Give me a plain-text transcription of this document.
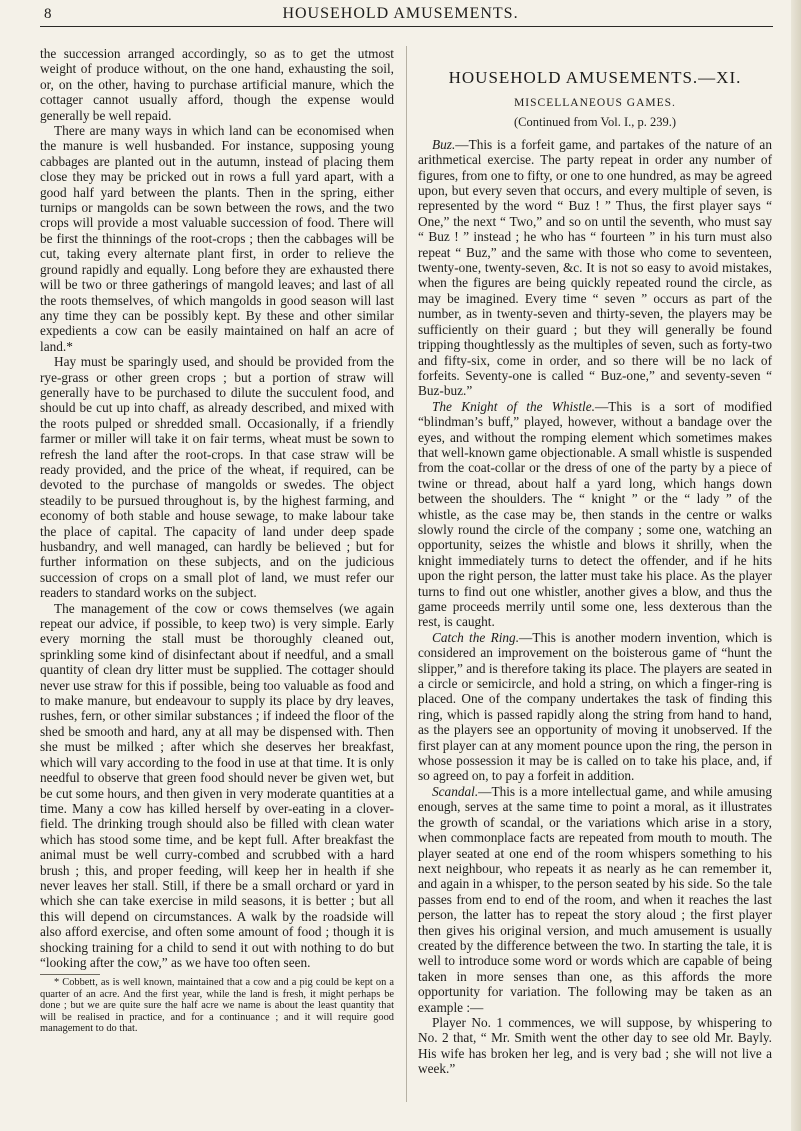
8	HOUSEHOLD AMUSEMENTS.

the succession arranged accordingly, so as to get the utmost weight of produce without, on the one hand, exhausting the soil, or, on the other, having to purchase artificial manure, which the cottager cannot usually afford, though the expense would generally be well repaid.

There are many ways in which land can be economised when the manure is well husbanded. For instance, supposing young cabbages are planted out in the autumn, instead of placing them close they may be pricked out in rows a full yard apart, with a good half yard between the plants. Then in the spring, either turnips or mangolds can be sown between the rows, and the two crops will provide a most valuable succession of food. There will be first the thinnings of the root-crops ; then the cabbages will be cut, taking every alternate plant first, in order to relieve the ground rapidly and equally. Long before they are exhausted there will be two or three gatherings of mangold leaves; and last of all the roots themselves, of which mangolds in good season will last any time they can be possibly kept. By these and other similar expedients a cow can be easily maintained on half an acre of land.*

Hay must be sparingly used, and should be provided from the rye-grass or other green crops ; but a portion of straw will generally have to be purchased to dilute the succulent food, and should be cut up into chaff, as already described, and mixed with the roots pulped or shredded small. Occasionally, if a friendly farmer or miller will take it on fair terms, wheat must be sown to refresh the land after the root-crops. In that case straw will be ready provided, and the price of the wheat, if required, can be devoted to the purchase of mangolds or swedes. The object steadily to be pursued throughout is, by the highest farming, and economy of both stable and house sewage, to make labour take the place of capital. The capacity of land under deep spade husbandry, and well managed, can hardly be believed ; but for further information on these subjects, and on the judicious succession of crops on a small plot of land, we must refer our readers to standard works on the subject.

The management of the cow or cows themselves (we again repeat our advice, if possible, to keep two) is very simple. Early every morning the stall must be thoroughly cleaned out, sprinkling some kind of disinfectant about if needful, and a small quantity of clean dry litter must be supplied. The cottager should never use straw for this if possible, being too valuable as food and to make manure, but endeavour to supply its place by dry leaves, rushes, fern, or other similar substances ; if indeed the floor of the shed be smooth and hard, any at all may be dispensed with. Then she must be milked ; after which she deserves her breakfast, which will vary according to the food in use at that time. It is only needful to observe that green food should never be given wet, but be cut some hours, and then given in very moderate quantities at a time. Many a cow has killed herself by over-eating in a clover-field. The drinking trough should also be filled with clean water which has stood some time, and be kept full. After breakfast the animal must be well curry-combed and scrubbed with a hard brush ; this, and proper feeding, will keep her in health if she never leaves her stall. Still, if there be a small orchard or yard in which she can take exercise in mild seasons, it is better ; but all this will depend on circumstances. A walk by the roadside will also afford exercise, and often some amount of food ; though it is shocking training for a child to send it out with nothing to do but “looking after the cow,” as we have too often seen.

* Cobbett, as is well known, maintained that a cow and a pig could be kept on a quarter of an acre. And the first year, while the land is fresh, it might perhaps be done ; but we are quite sure the half acre we name is about the least quantity that will be realised in practice, and for a continuance ; and it will require good management to do that.

HOUSEHOLD AMUSEMENTS.—XI.
MISCELLANEOUS GAMES.
(Continued from Vol. I., p. 239.)

Buz.—This is a forfeit game, and partakes of the nature of an arithmetical exercise. The party repeat in order any number of figures, from one to fifty, or one to one hundred, as may be agreed upon, but every seven that occurs, and every multiple of seven, is represented by the word “ Buz ! ” Thus, the first player says “ One,” the next “ Two,” and so on until the seventh, who must say “ Buz ! ” instead ; he who has “ fourteen ” in his turn must also repeat “ Buz,” and the same with those who come to seventeen, twenty-one, twenty-seven, &c. It is not so easy to avoid mistakes, when the figures are being quickly repeated round the circle, as may be imagined. Every time “ seven ” occurs as part of the number, as in twenty-seven and thirty-seven, the players may be sufficiently on their guard ; but they will generally be found tripping thoughtlessly as the multiples of seven, such as forty-two and fifty-six, come in order, and so there will be no lack of forfeits. Seventy-one is called “ Buz-one,” and seventy-seven “ Buz-buz.”

The Knight of the Whistle.—This is a sort of modified “blindman’s buff,” played, however, without a bandage over the eyes, and without the romping element which sometimes makes that well-known game objectionable. A small whistle is suspended from the coat-collar or the dress of one of the party by a piece of twine or thread, about half a yard long, which hangs down between the shoulders. The “ knight ” or the “ lady ” of the whistle, as the case may be, then stands in the centre or walks slowly round the circle of the company ; some one, watching an opportunity, seizes the whistle and blows it shrilly, when the knight immediately turns to detect the offender, and if he hits upon the right person, the latter must take his place. As the player turns to find out one whistler, another gives a blow, and thus the game proceeds merrily until some one, less dexterous than the rest, is caught.

Catch the Ring.—This is another modern invention, which is considered an improvement on the boisterous game of “hunt the slipper,” and is therefore taking its place. The players are seated in a circle or semicircle, and hold a string, on which a finger-ring is placed. One of the company undertakes the task of finding this ring, which is passed rapidly along the string from hand to hand, as the players see an opportunity of moving it unobserved. If the first player can at any moment pounce upon the ring, the person in whose possession it may be is called on to take his place, and, if so agreed on, to pay a forfeit in addition.

Scandal.—This is a more intellectual game, and while amusing enough, serves at the same time to point a moral, as it illustrates the growth of scandal, or the variations which arise in a story, when commonplace facts are repeated from mouth to mouth. The player seated at one end of the room whispers something to his next neighbour, who repeats it as nearly as he can remember it, and again in a whisper, to the person seated by his side. So the tale passes from end to end of the room, and when it reaches the last person, the latter has to repeat the story aloud ; the first player then gives his original version, and much amusement is usually created by the difference between the two. In starting the tale, it is well to introduce some word or words which are capable of being taken in more senses than one, as this affords the more opportunity for variation. The following may be taken as an example :—

Player No. 1 commences, we will suppose, by whispering to No. 2 that, “ Mr. Smith went the other day to see old Mr. Bayly. His wife has broken her leg, and is very bad ; she will not live a week.”
